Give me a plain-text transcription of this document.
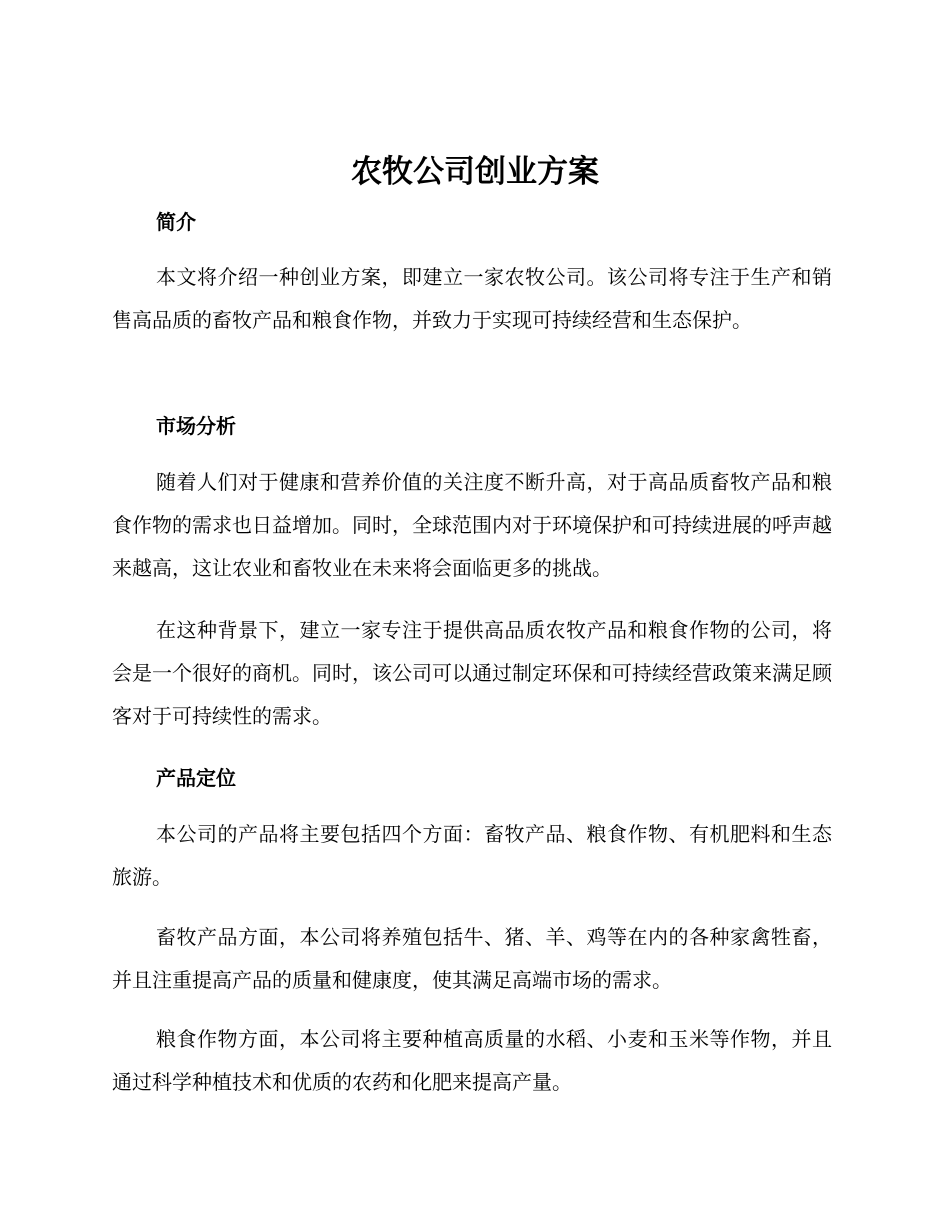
农牧公司创业方案
简介

本文将介绍一种创业方案，即建立一家农牧公司。该公司将专注于生产和销售高品质的畜牧产品和粮食作物，并致力于实现可持续经营和生态保护。

市场分析

随着人们对于健康和营养价值的关注度不断升高，对于高品质畜牧产品和粮食作物的需求也日益增加。同时，全球范围内对于环境保护和可持续进展的呼声越来越高，这让农业和畜牧业在未来将会面临更多的挑战。

在这种背景下，建立一家专注于提供高品质农牧产品和粮食作物的公司，将会是一个很好的商机。同时，该公司可以通过制定环保和可持续经营政策来满足顾客对于可持续性的需求。

产品定位

本公司的产品将主要包括四个方面：畜牧产品、粮食作物、有机肥料和生态旅游。

畜牧产品方面，本公司将养殖包括牛、猪、羊、鸡等在内的各种家禽牲畜，并且注重提高产品的质量和健康度，使其满足高端市场的需求。

粮食作物方面，本公司将主要种植高质量的水稻、小麦和玉米等作物，并且通过科学种植技术和优质的农药和化肥来提高产量。
